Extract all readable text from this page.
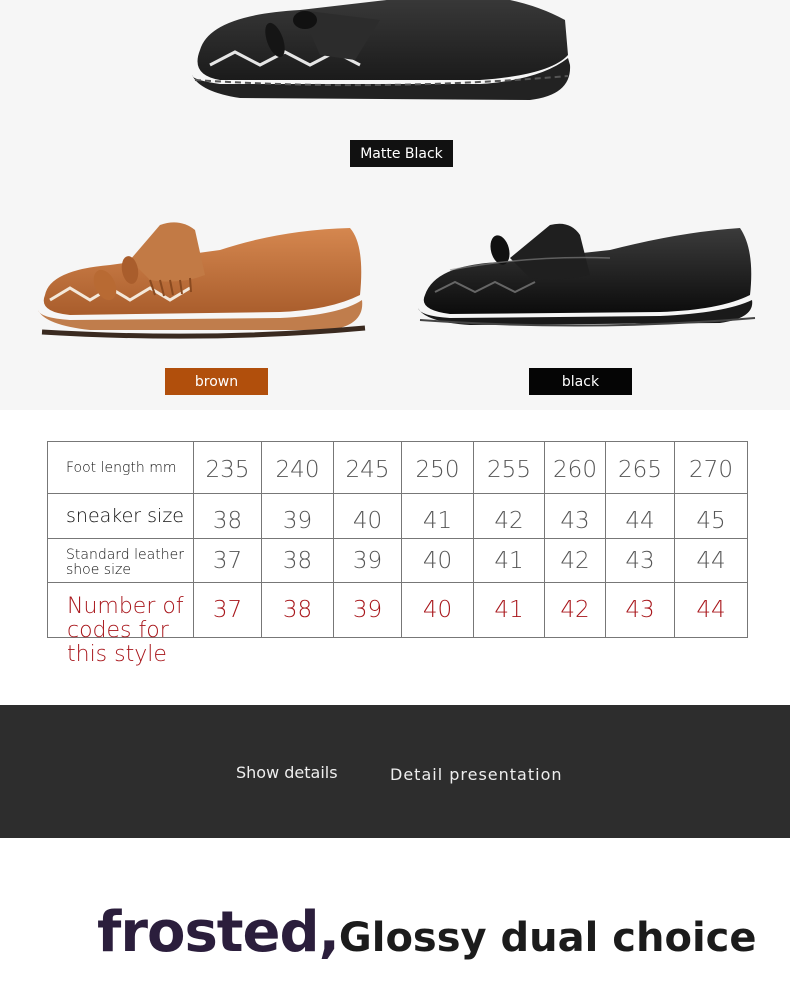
Matte Black
brown	black
Foot length mm	235	240	245	250	255	260	265	270
sneaker size	38	39	40	41	42	43	44	45
Standard leather shoe size	37	38	39	40	41	42	43	44

Number of codes for this style	37	38	39	40	41	42	43	44
Show details	Detail presentation
frosted,Glossy dual choice
